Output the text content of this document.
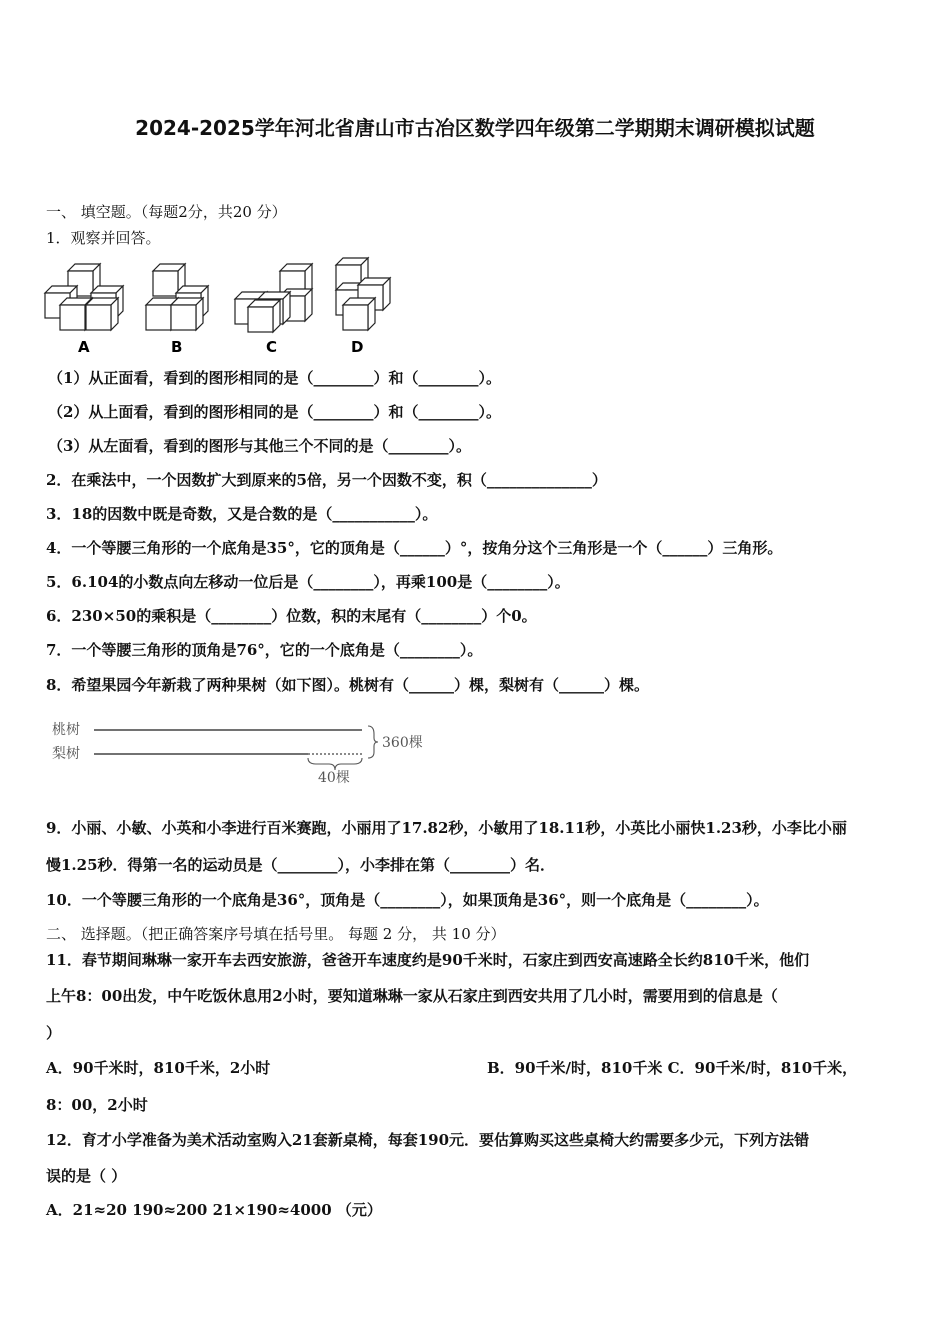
2024-2025学年河北省唐山市古冶区数学四年级第二学期期末调研模拟试题
一、 填空题。（每题2分，共20 分）
1．观察并回答。
A	B	C	D
（1）从正面看，看到的图形相同的是（________）和（________）。
（2）从上面看，看到的图形相同的是（________）和（________）。
（3）从左面看，看到的图形与其他三个不同的是（________）。
2．在乘法中，一个因数扩大到原来的5倍，另一个因数不变，积（______________）
3．18的因数中既是奇数，又是合数的是（___________）。
4．一个等腰三角形的一个底角是35°，它的顶角是（______）°，按角分这个三角形是一个（______）三角形。
5．6.104的小数点向左移动一位后是（________），再乘100是（________）。
6．230×50的乘积是（________）位数，积的末尾有（________）个0。
7．一个等腰三角形的顶角是76°，它的一个底角是（________）。
8．希望果园今年新栽了两种果树（如下图）。桃树有（______）棵，梨树有（______）棵。
桃树
梨树
360棵
40棵
9．小丽、小敏、小英和小李进行百米赛跑，小丽用了17.82秒，小敏用了18.11秒，小英比小丽快1.23秒，小李比小丽
慢1.25秒．得第一名的运动员是（________），小李排在第（________）名．
10．一个等腰三角形的一个底角是36°，顶角是（________），如果顶角是36°，则一个底角是（________）。
二、 选择题。（把正确答案序号填在括号里。 每题 2 分， 共 10 分）
11．春节期间琳琳一家开车去西安旅游，爸爸开车速度约是90千米时，石家庄到西安高速路全长约810千米，他们
上午8：00出发，中午吃饭休息用2小时，要知道琳琳一家从石家庄到西安共用了几小时，需要用到的信息是（
）
A．90千米时，810千米，2小时	B．90千米/时，810千米 C．90千米/时，810千米，
8：00，2小时
12．育才小学准备为美术活动室购入21套新桌椅，每套190元．要估算购买这些桌椅大约需要多少元，下列方法错
误的是（ ）
A．21≈20 190≈200 21×190≈4000 （元）
